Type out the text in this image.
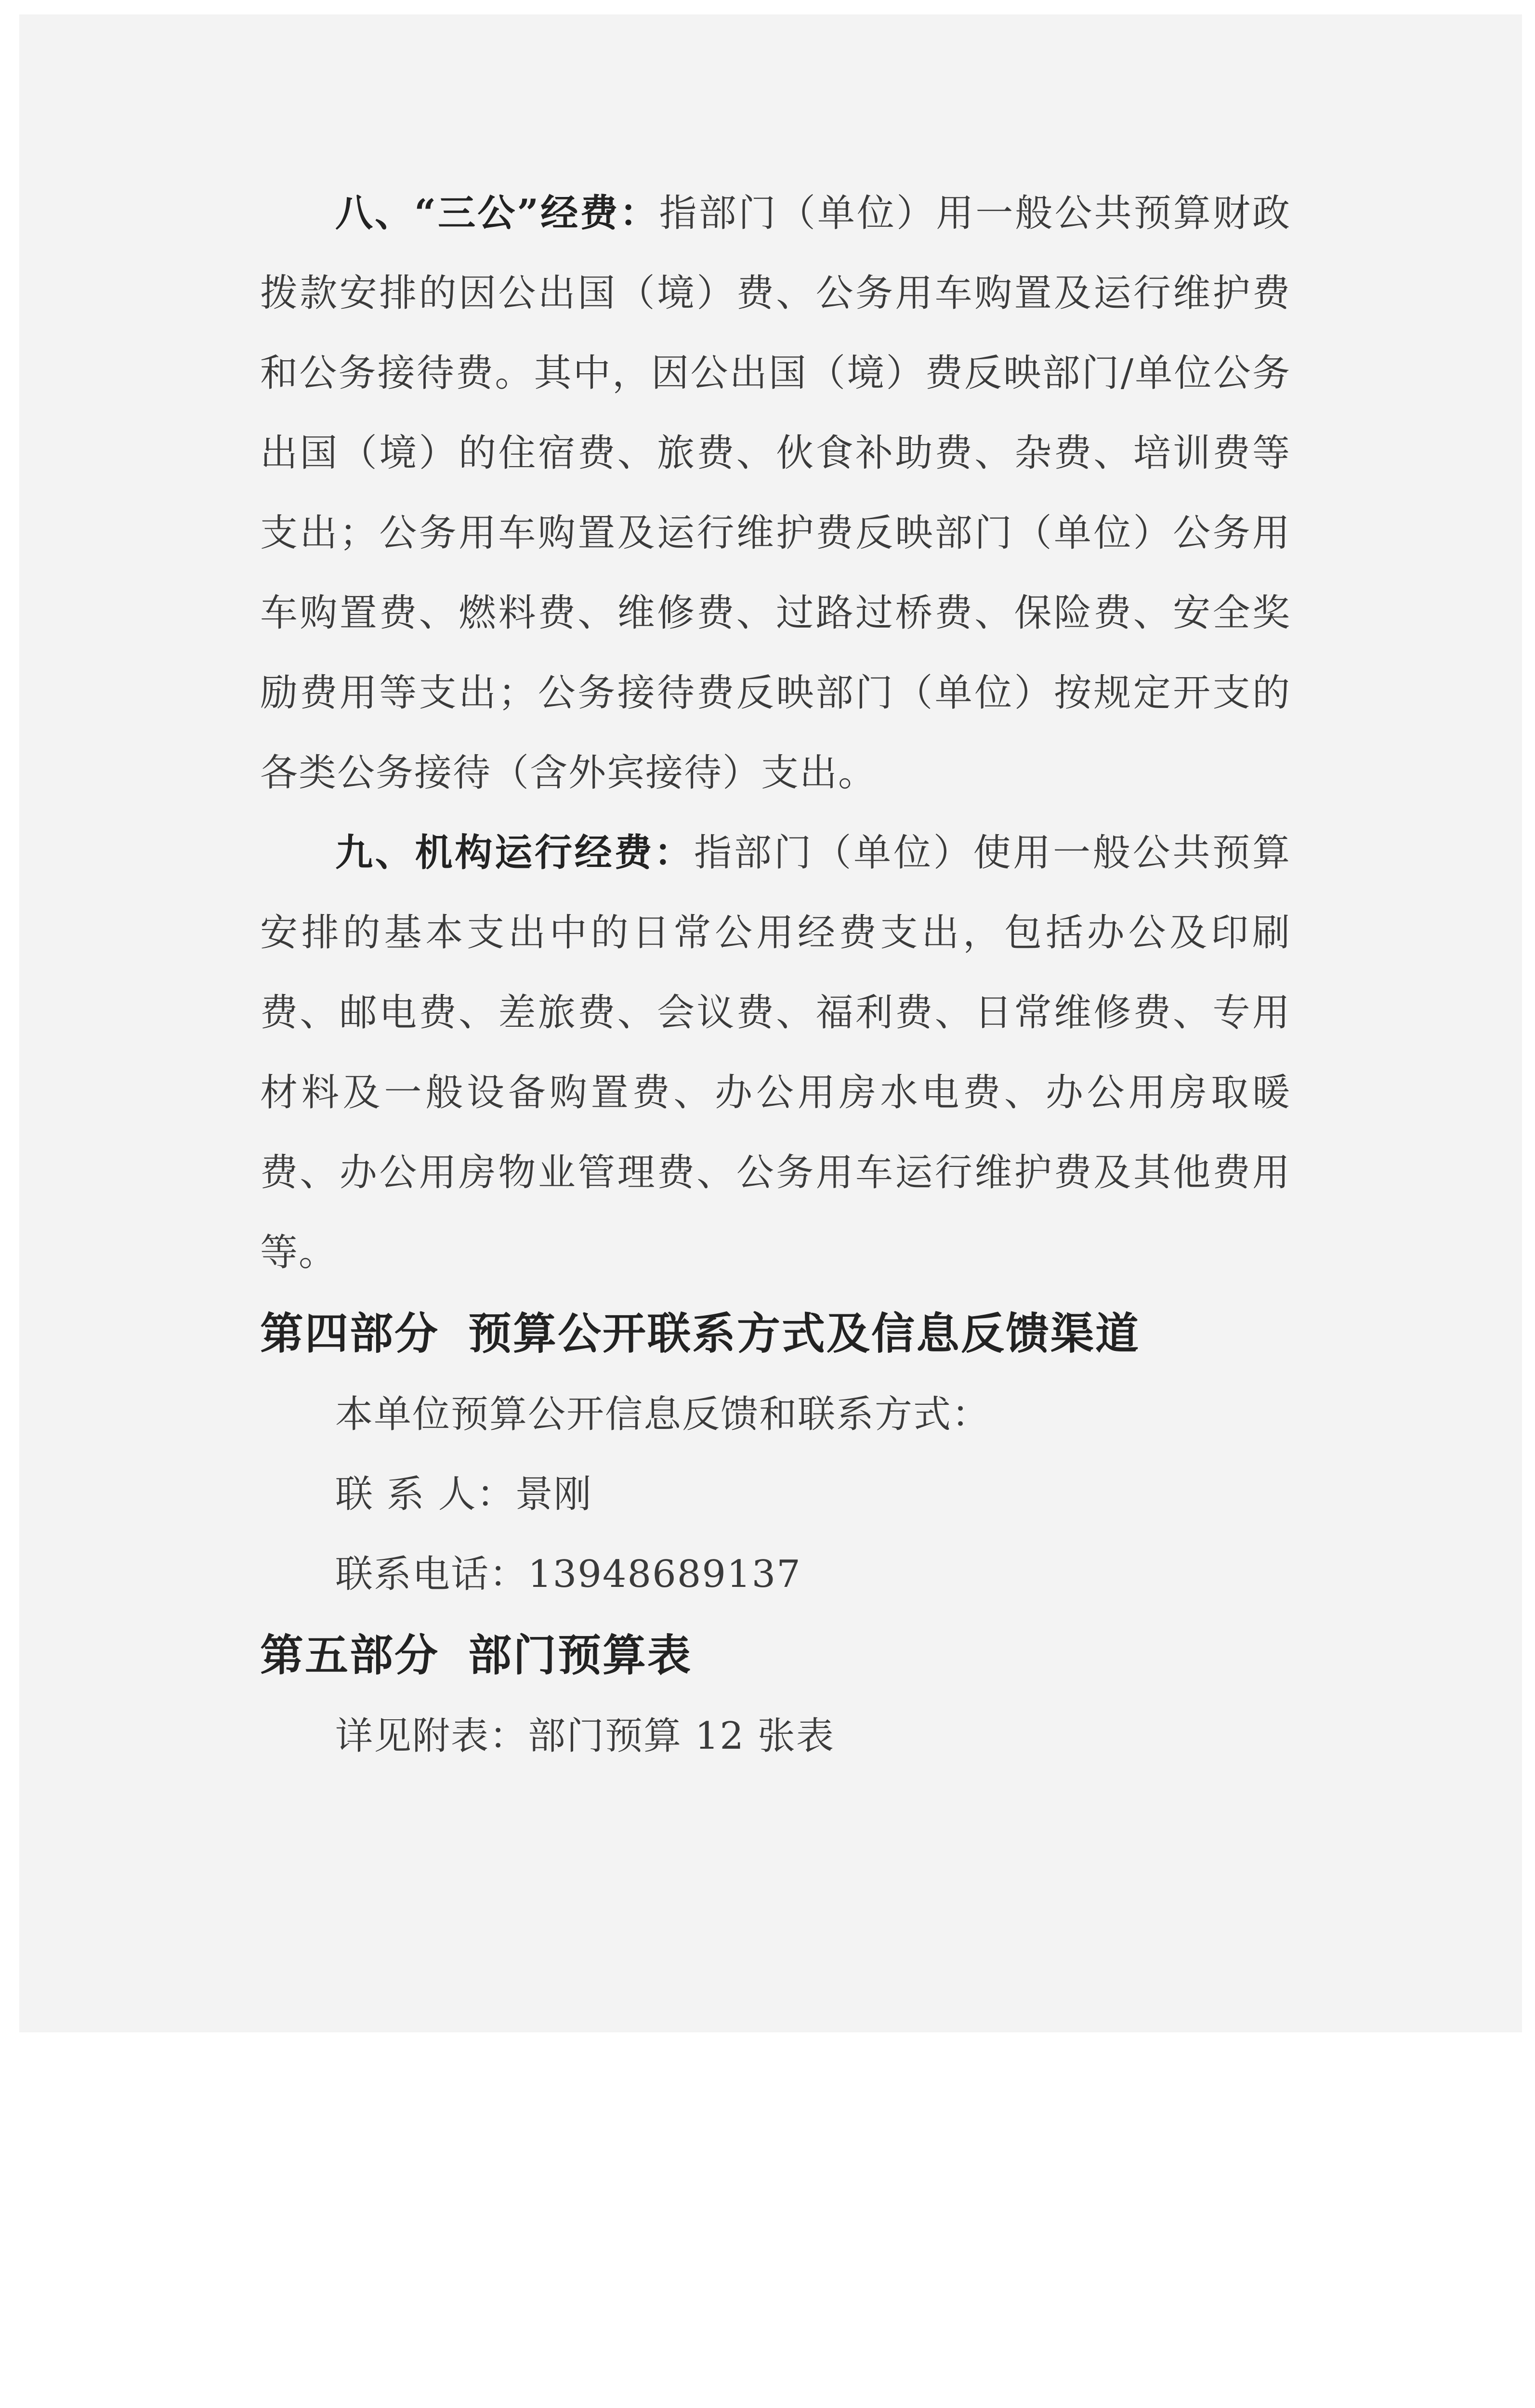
八、“三公”经费：指部门（单位）用一般公共预算财政拨款安排的因公出国（境）费、公务用车购置及运行维护费和公务接待费。其中，因公出国（境）费反映部门/单位公务出国（境）的住宿费、旅费、伙食补助费、杂费、培训费等支出；公务用车购置及运行维护费反映部门（单位）公务用车购置费、燃料费、维修费、过路过桥费、保险费、安全奖励费用等支出；公务接待费反映部门（单位）按规定开支的各类公务接待（含外宾接待）支出。

九、机构运行经费：指部门（单位）使用一般公共预算安排的基本支出中的日常公用经费支出，包括办公及印刷费、邮电费、差旅费、会议费、福利费、日常维修费、专用材料及一般设备购置费、办公用房水电费、办公用房取暖费、办公用房物业管理费、公务用车运行维护费及其他费用等。

第四部分 预算公开联系方式及信息反馈渠道

本单位预算公开信息反馈和联系方式：

联 系 人：景刚

联系电话：13948689137

第五部分 部门预算表

详见附表：部门预算 12 张表
